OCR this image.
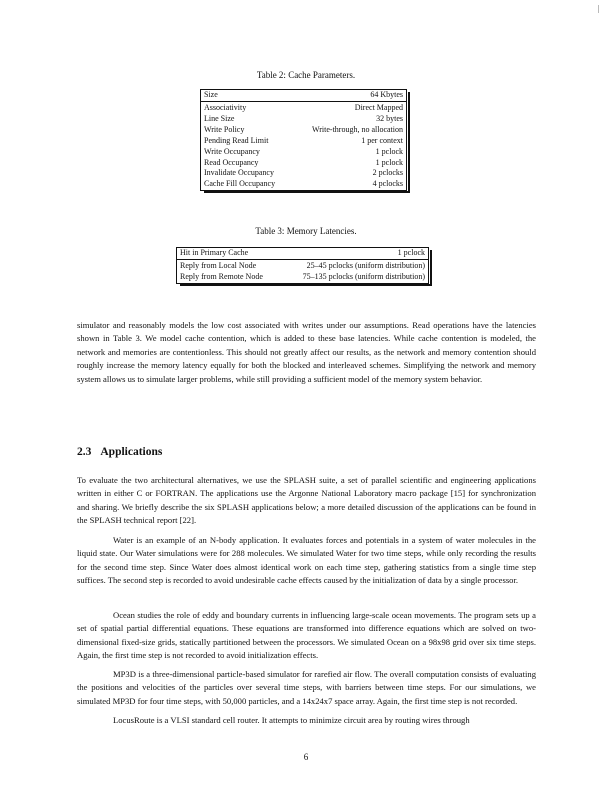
|
Table 2: Cache Parameters.
Size	64 Kbytes
Associativity	Direct Mapped
Line Size	32 bytes
Write Policy	Write-through, no allocation
Pending Read Limit	1 per context
Write Occupancy	1 pclock
Read Occupancy	1 pclock
Invalidate Occupancy	2 pclocks
Cache Fill Occupancy	4 pclocks
Table 3: Memory Latencies.
Hit in Primary Cache	1 pclock
Reply from Local Node	25–45 pclocks (uniform distribution)
Reply from Remote Node	75–135 pclocks (uniform distribution)

simulator and reasonably models the low cost associated with writes under our assumptions. Read operations have the latencies shown in Table 3. We model cache contention, which is added to these base latencies. While cache contention is modeled, the network and memories are contentionless. This should not greatly affect our results, as the network and memory contention should roughly increase the memory latency equally for both the blocked and interleaved schemes. Simplifying the network and memory system allows us to simulate larger problems, while still providing a sufficient model of the memory system behavior.

2.3 Applications

To evaluate the two architectural alternatives, we use the SPLASH suite, a set of parallel scientific and engineering applications written in either C or FORTRAN. The applications use the Argonne National Laboratory macro package [15] for synchronization and sharing. We briefly describe the six SPLASH applications below; a more detailed discussion of the applications can be found in the SPLASH technical report [22].

Water is an example of an N-body application. It evaluates forces and potentials in a system of water molecules in the liquid state. Our Water simulations were for 288 molecules. We simulated Water for two time steps, while only recording the results for the second time step. Since Water does almost identical work on each time step, gathering statistics from a single time step suffices. The second step is recorded to avoid undesirable cache effects caused by the initialization of data by a single processor.

Ocean studies the role of eddy and boundary currents in influencing large-scale ocean movements. The program sets up a set of spatial partial differential equations. These equations are transformed into difference equations which are solved on two-dimensional fixed-size grids, statically partitioned between the processors. We simulated Ocean on a 98x98 grid over six time steps. Again, the first time step is not recorded to avoid initialization effects.

MP3D is a three-dimensional particle-based simulator for rarefied air flow. The overall computation consists of evaluating the positions and velocities of the particles over several time steps, with barriers between time steps. For our simulations, we simulated MP3D for four time steps, with 50,000 particles, and a 14x24x7 space array. Again, the first time step is not recorded.

LocusRoute is a VLSI standard cell router. It attempts to minimize circuit area by routing wires through

6
